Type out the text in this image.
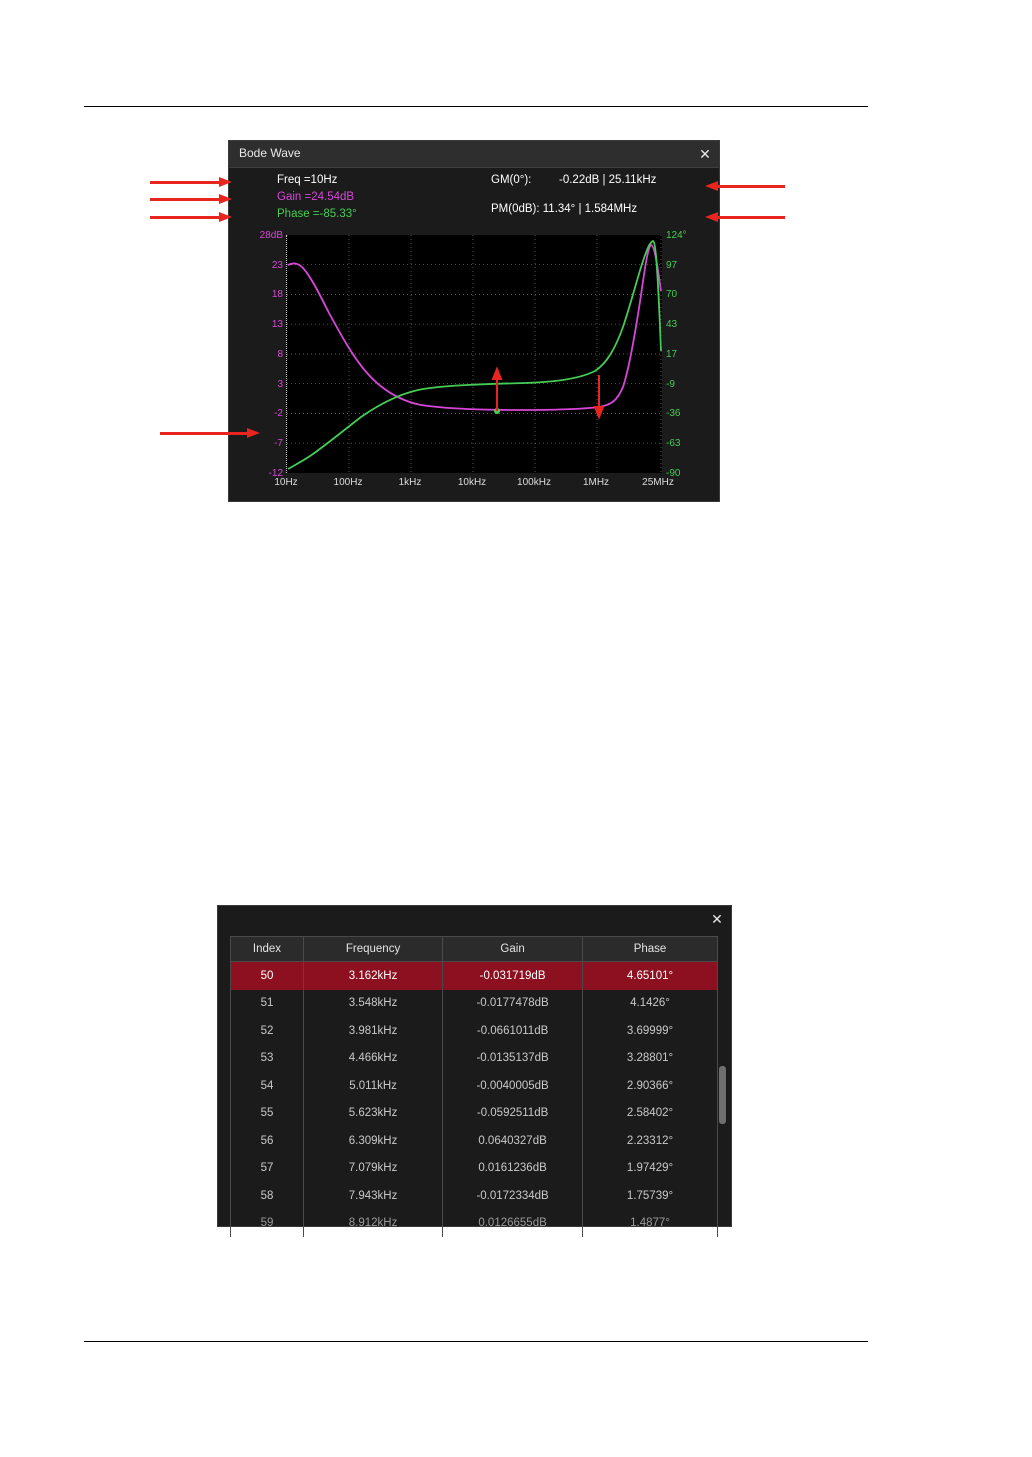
Bode Wave	✕
Freq =10Hz
Gain =24.54dB
Phase =-85.33°
GM(0°): -0.22dB | 25.11kHz
PM(0dB): 11.34° | 1.584MHz
28dB
23
18
13
8
3
-2
-7
-12
124°
97
70
43
17
-9
-36
-63
-90
10Hz	100Hz	1kHz	10kHz	100kHz	1MHz	25MHz
✕
Index	Frequency	Gain	Phase
50	3.162kHz	-0.031719dB	4.65101°
51	3.548kHz	-0.0177478dB	4.1426°
52	3.981kHz	-0.0661011dB	3.69999°
53	4.466kHz	-0.0135137dB	3.28801°
54	5.011kHz	-0.0040005dB	2.90366°
55	5.623kHz	-0.0592511dB	2.58402°
56	6.309kHz	0.0640327dB	2.23312°
57	7.079kHz	0.0161236dB	1.97429°
58	7.943kHz	-0.0172334dB	1.75739°
59	8.912kHz	0.0126655dB	1.4877°
